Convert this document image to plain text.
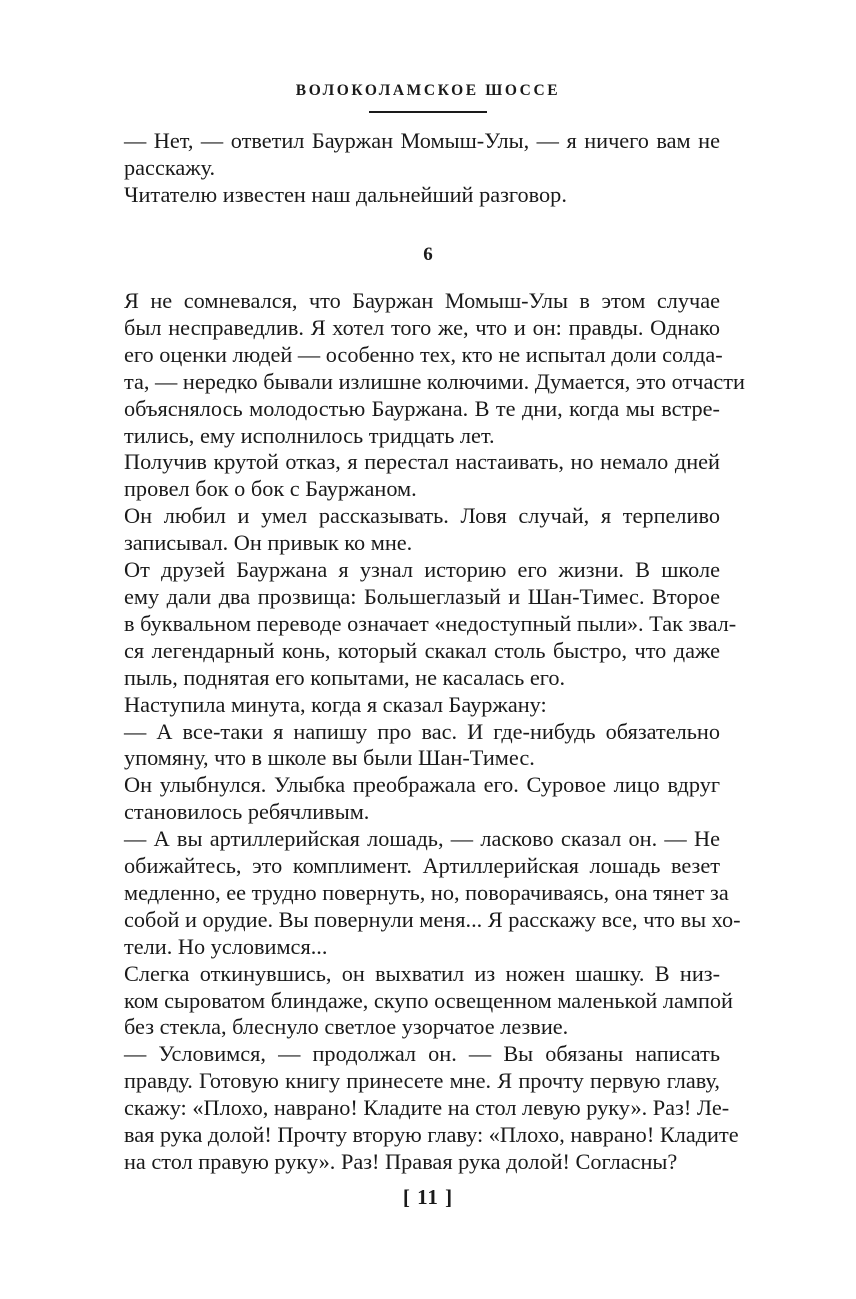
ВОЛОКОЛАМСКОЕ ШОССЕ

— Нет, — ответил Бауржан Момыш-Улы, — я ничего вам не
расскажу.

Читателю известен наш дальнейший разговор.

6

Я не сомневался, что Бауржан Момыш-Улы в этом случае
был несправедлив. Я хотел того же, что и он: правды. Однако
его оценки людей — особенно тех, кто не испытал доли солда-
та, — нередко бывали излишне колючими. Думается, это отчасти
объяснялось молодостью Бауржана. В те дни, когда мы встре-
тились, ему исполнилось тридцать лет.

Получив крутой отказ, я перестал настаивать, но немало дней
провел бок о бок с Бауржаном.

Он любил и умел рассказывать. Ловя случай, я терпеливо
записывал. Он привык ко мне.

От друзей Бауржана я узнал историю его жизни. В школе
ему дали два прозвища: Большеглазый и Шан-Тимес. Второе
в буквальном переводе означает «недоступный пыли». Так звал-
ся легендарный конь, который скакал столь быстро, что даже
пыль, поднятая его копытами, не касалась его.

Наступила минута, когда я сказал Бауржану:

— А все-таки я напишу про вас. И где-нибудь обязательно
упомяну, что в школе вы были Шан-Тимес.

Он улыбнулся. Улыбка преображала его. Суровое лицо вдруг
становилось ребячливым.

— А вы артиллерийская лошадь, — ласково сказал он. — Не
обижайтесь, это комплимент. Артиллерийская лошадь везет
медленно, ее трудно повернуть, но, поворачиваясь, она тянет за
собой и орудие. Вы повернули меня... Я расскажу все, что вы хо-
тели. Но условимся...

Слегка откинувшись, он выхватил из ножен шашку. В низ-
ком сыроватом блиндаже, скупо освещенном маленькой лампой
без стекла, блеснуло светлое узорчатое лезвие.

— Условимся, — продолжал он. — Вы обязаны написать
правду. Готовую книгу принесете мне. Я прочту первую главу,
скажу: «Плохо, наврано! Кладите на стол левую руку». Раз! Ле-
вая рука долой! Прочту вторую главу: «Плохо, наврано! Кладите
на стол правую руку». Раз! Правая рука долой! Согласны?

[ 11 ]
